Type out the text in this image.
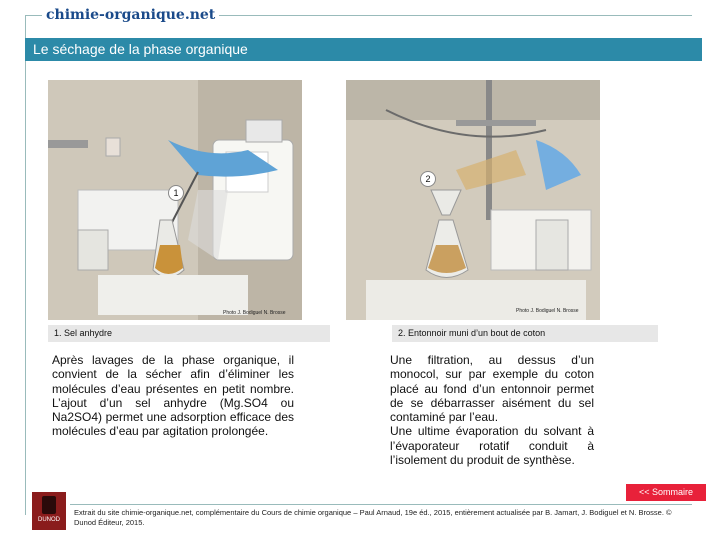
chimie-organique.net
Le séchage de la phase organique
1
Photo J. Bodiguel N. Brosse
2
Photo J. Bodiguel N. Brosse
1. Sel anhydre	2. Entonnoir muni d’un bout de coton
Après lavages de la phase organique, il convient de la sécher afin d’éliminer les molécules d’eau présentes en petit nombre. L’ajout d’un sel anhydre (Mg.SO4 ou Na2SO4) permet une adsorption efficace des molécules d’eau par agitation prolongée.
Une filtration, au dessus d’un monocol, sur par exemple du coton placé au fond d’un entonnoir permet de se débarrasser aisément du sel contaminé par l’eau.
Une ultime évaporation du solvant à l’évaporateur rotatif conduit à l’isolement du produit de synthèse.
<< Sommaire
DUNOD
Extrait du site chimie-organique.net, complémentaire du Cours de chimie organique – Paul Arnaud, 19e éd., 2015, entièrement actualisée par B. Jamart, J. Bodiguel et N. Brosse. © Dunod Éditeur, 2015.
